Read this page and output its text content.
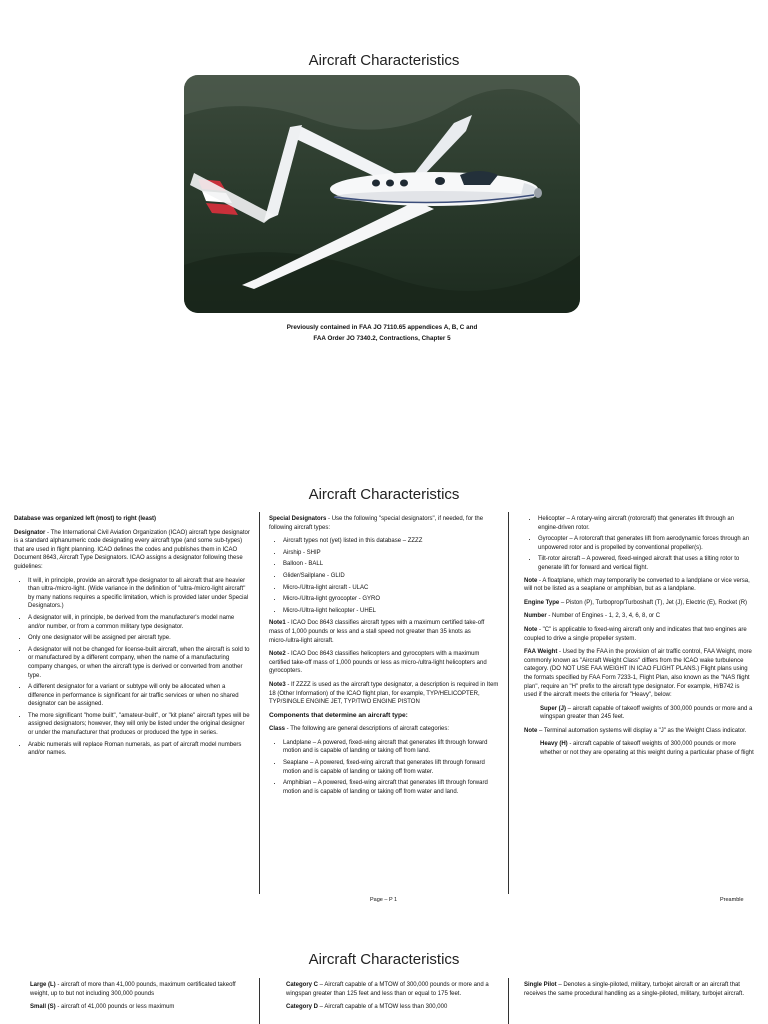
Aircraft Characteristics
Previously contained in FAA JO 7110.65 appendices A, B, C and
FAA Order JO 7340.2, Contractions, Chapter 5
Aircraft Characteristics

Database was organized left (most) to right (least)

Designator - The International Civil Aviation Organization (ICAO) aircraft type designator is a standard alphanumeric code designating every aircraft type (and some sub-types) that are used in flight planning. ICAO defines the codes and publishes them in ICAO Document 8643, Aircraft Type Designators. ICAO assigns a designator following these guidelines:

• It will, in principle, provide an aircraft type designator to all aircraft that are heavier than ultra-/micro-light. (Wide variance in the definition of "ultra-/micro-light aircraft" by many nations requires a specific limitation, which is provided later under Special Designators.)
• A designator will, in principle, be derived from the manufacturer's model name and/or number, or from a common military type designator.
• Only one designator will be assigned per aircraft type.
• A designator will not be changed for license-built aircraft, when the aircraft is sold to or manufactured by a different company, when the name of a manufacturing company changes, or when the aircraft type is derived or converted from another type.
• A different designator for a variant or subtype will only be allocated when a difference in performance is significant for air traffic services or when no shared designator can be assigned.
• The more significant "home built", "amateur-built", or "kit plane" aircraft types will be assigned designators; however, they will only be listed under the original designer or under the manufacturer that produces or produced the type in series.
• Arabic numerals will replace Roman numerals, as part of aircraft model numbers and/or names.

Special Designators - Use the following "special designators", if needed, for the following aircraft types:

• Aircraft types not (yet) listed in this database – ZZZZ
• Airship - SHIP
• Balloon - BALL
• Glider/Sailplane - GLID
• Micro-/Ultra-light aircraft - ULAC
• Micro-/Ultra-light gyrocopter - GYRO
• Micro-/Ultra-light helicopter - UHEL

Note1 - ICAO Doc 8643 classifies aircraft types with a maximum certified take-off mass of 1,000 pounds or less and a stall speed not greater than 35 knots as micro-/ultra-light aircraft.

Note2 - ICAO Doc 8643 classifies helicopters and gyrocopters with a maximum certified take-off mass of 1,000 pounds or less as micro-/ultra-light helicopters and gyrocopters.

Note3 - If ZZZZ is used as the aircraft type designator, a description is required in Item 18 (Other Information) of the ICAO flight plan, for example, TYP/HELICOPTER, TYP/SINGLE ENGINE JET, TYP/TWO ENGINE PISTON

Components that determine an aircraft type:

Class - The following are general descriptions of aircraft categories:

• Landplane – A powered, fixed-wing aircraft that generates lift through forward motion and is capable of landing or taking off from land.
• Seaplane – A powered, fixed-wing aircraft that generates lift through forward motion and is capable of landing or taking off from water.
• Amphibian – A powered, fixed-wing aircraft that generates lift through forward motion and is capable of landing or taking off from water and land.
• Helicopter – A rotary-wing aircraft (rotorcraft) that generates lift through an engine-driven rotor.
• Gyrocopter – A rotorcraft that generates lift from aerodynamic forces through an unpowered rotor and is propelled by conventional propeller(s).
• Tilt-rotor aircraft – A powered, fixed-winged aircraft that uses a tilting rotor to generate lift for forward and vertical flight.

Note - A floatplane, which may temporarily be converted to a landplane or vice versa, will not be listed as a seaplane or amphibian, but as a landplane.

Engine Type – Piston (P), Turboprop/Turboshaft (T), Jet (J), Electric (E), Rocket (R)

Number - Number of Engines - 1, 2, 3, 4, 6, 8, or C

Note - "C" is applicable to fixed-wing aircraft only and indicates that two engines are coupled to drive a single propeller system.

FAA Weight - Used by the FAA in the provision of air traffic control, FAA Weight, more commonly known as "Aircraft Weight Class" differs from the ICAO wake turbulence category. (DO NOT USE FAA WEIGHT IN ICAO FLIGHT PLANS.) Flight plans using the formats specified by FAA Form 7233-1, Flight Plan, also known as the "NAS flight plan", require an "H" prefix to the aircraft type designator. For example, H/B742 is used if the aircraft meets the criteria for "Heavy", below:

Super (J) – aircraft capable of takeoff weights of 300,000 pounds or more and a wingspan greater than 245 feet.

Note – Terminal automation systems will display a "J" as the Weight Class indicator.

Heavy (H) - aircraft capable of takeoff weights of 300,000 pounds or more whether or not they are operating at this weight during a particular phase of flight

Page – P 1	Preamble
Aircraft Characteristics

Large (L) - aircraft of more than 41,000 pounds, maximum certificated takeoff weight, up to but not including 300,000 pounds

Small (S) - aircraft of 41,000 pounds or less maximum

Category C – Aircraft capable of a MTOW of 300,000 pounds or more and a wingspan greater than 125 feet and less than or equal to 175 feet.

Category D – Aircraft capable of a MTOW less than 300,000

Single Pilot – Denotes a single-piloted, military, turbojet aircraft or an aircraft that receives the same procedural handling as a single-piloted, military, turbojet aircraft.
